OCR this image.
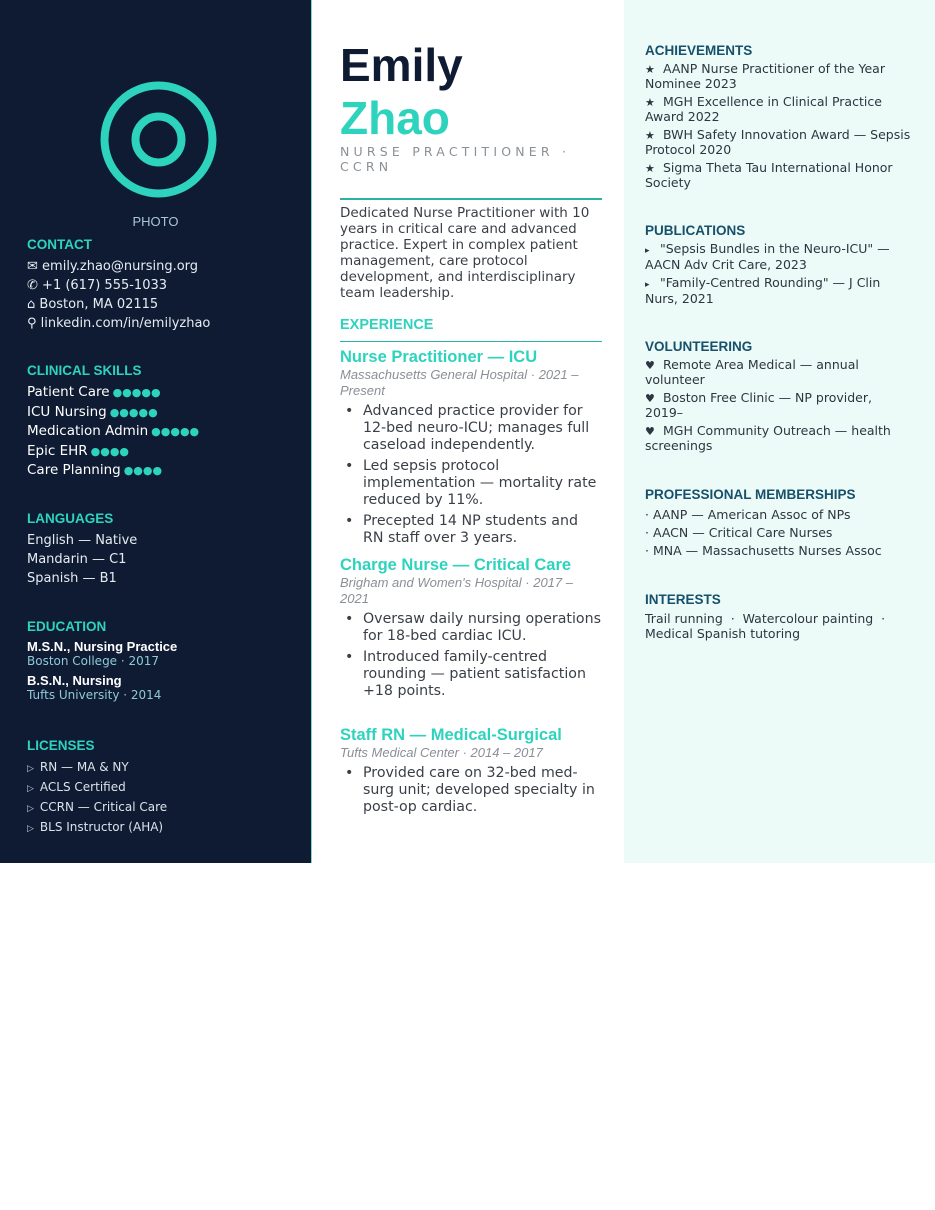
PHOTO
CONTACT
✉ emily.zhao@nursing.org
✆ +1 (617) 555-1033
⌂ Boston, MA 02115
⚲ linkedin.com/in/emilyzhao
CLINICAL SKILLS
Patient Care ●●●●●
ICU Nursing ●●●●●
Medication Admin ●●●●●
Epic EHR ●●●●
Care Planning ●●●●
LANGUAGES
English — Native
Mandarin — C1
Spanish — B1
EDUCATION
M.S.N., Nursing Practice
Boston College · 2017
B.S.N., Nursing
Tufts University · 2014
LICENSES
▷ RN — MA & NY
▷ ACLS Certified
▷ CCRN — Critical Care
▷ BLS Instructor (AHA)
Emily
Zhao
NURSE PRACTITIONER · CCRN

Dedicated Nurse Practitioner with 10 years in critical care and advanced practice. Expert in complex patient management, care protocol development, and interdisciplinary team leadership.

EXPERIENCE
Nurse Practitioner — ICU
Massachusetts General Hospital · 2021 – Present
• Advanced practice provider for 12-bed neuro-ICU; manages full caseload independently.
• Led sepsis protocol implementation — mortality rate reduced by 11%.
• Precepted 14 NP students and RN staff over 3 years.
Charge Nurse — Critical Care
Brigham and Women's Hospital · 2017 – 2021
• Oversaw daily nursing operations for 18-bed cardiac ICU.
• Introduced family-centred rounding — patient satisfaction +18 points.
Staff RN — Medical-Surgical
Tufts Medical Center · 2014 – 2017
• Provided care on 32-bed med-surg unit; developed specialty in post-op cardiac.
ACHIEVEMENTS
★ AANP Nurse Practitioner of the Year Nominee 2023
★ MGH Excellence in Clinical Practice Award 2022
★ BWH Safety Innovation Award — Sepsis Protocol 2020
★ Sigma Theta Tau International Honor Society
PUBLICATIONS
▸ "Sepsis Bundles in the Neuro-ICU" — AACN Adv Crit Care, 2023
▸ "Family-Centred Rounding" — J Clin Nurs, 2021
VOLUNTEERING
♥ Remote Area Medical — annual volunteer
♥ Boston Free Clinic — NP provider, 2019–
♥ MGH Community Outreach — health screenings
PROFESSIONAL MEMBERSHIPS
· AANP — American Assoc of NPs
· AACN — Critical Care Nurses
· MNA — Massachusetts Nurses Assoc
INTERESTS
Trail running  ·  Watercolour painting  ·  Medical Spanish tutoring
